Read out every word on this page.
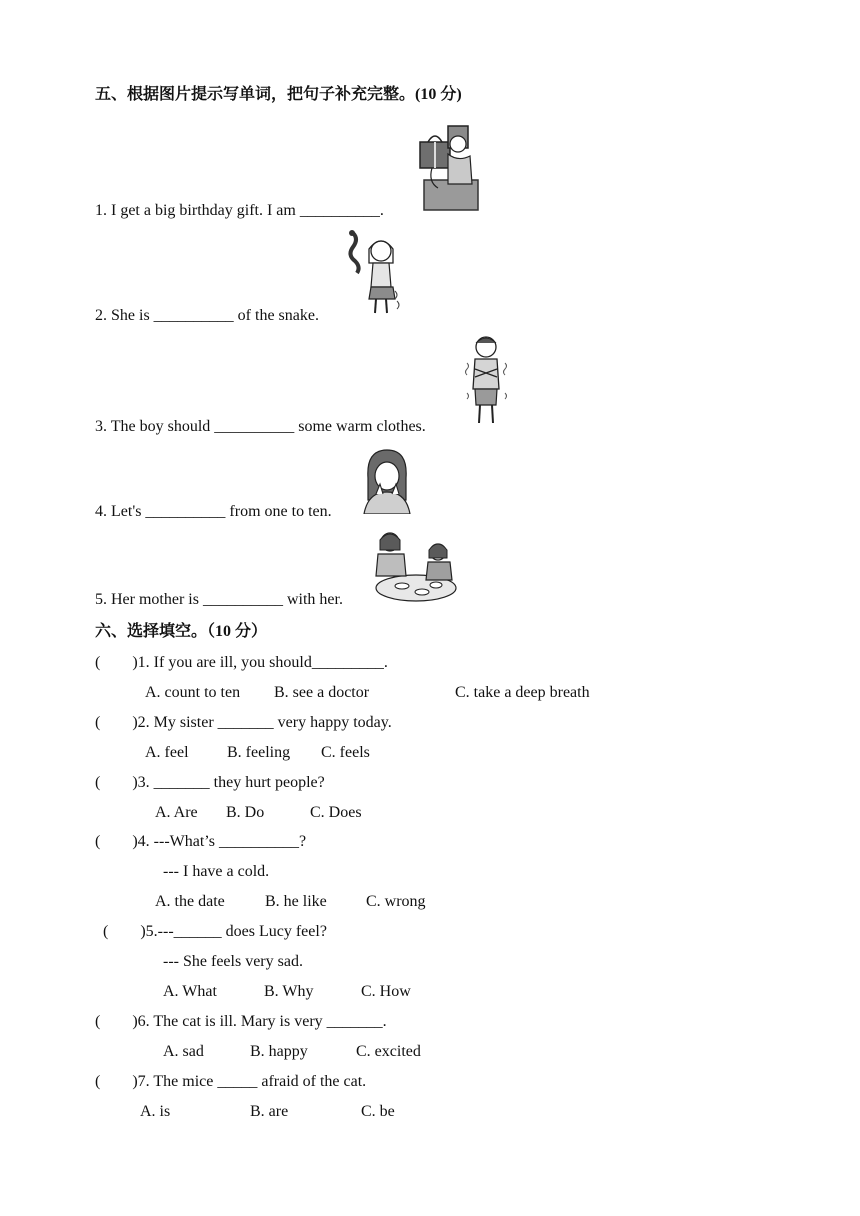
五、根据图片提示写单词，把句子补充完整。(10 分)
1. I get a big birthday gift. I am __________.
2. She is __________ of the snake.
3. The boy should __________ some warm clothes.
4. Let's __________ from one to ten.
5. Her mother is __________ with her.
六、选择填空。（10 分）
(        )1. If you are ill, you should_________.
A. count to ten B. see a doctor	C. take a deep breath
(        )2. My sister _______ very happy today.
A. feel B. feeling C. feels
(        )3. _______ they hurt people?
A. Are B. Do	C. Does
(        )4. ---What’s __________?
--- I have a cold.
A. the date	B. he like C. wrong
(        )5.---______ does Lucy feel?
--- She feels very sad.
A. What	B. Why	C. How
(        )6. The cat is ill. Mary is very _______.
A. sad	B. happy	C. excited
(        )7. The mice _____ afraid of the cat.
A. is	B. are	C. be
